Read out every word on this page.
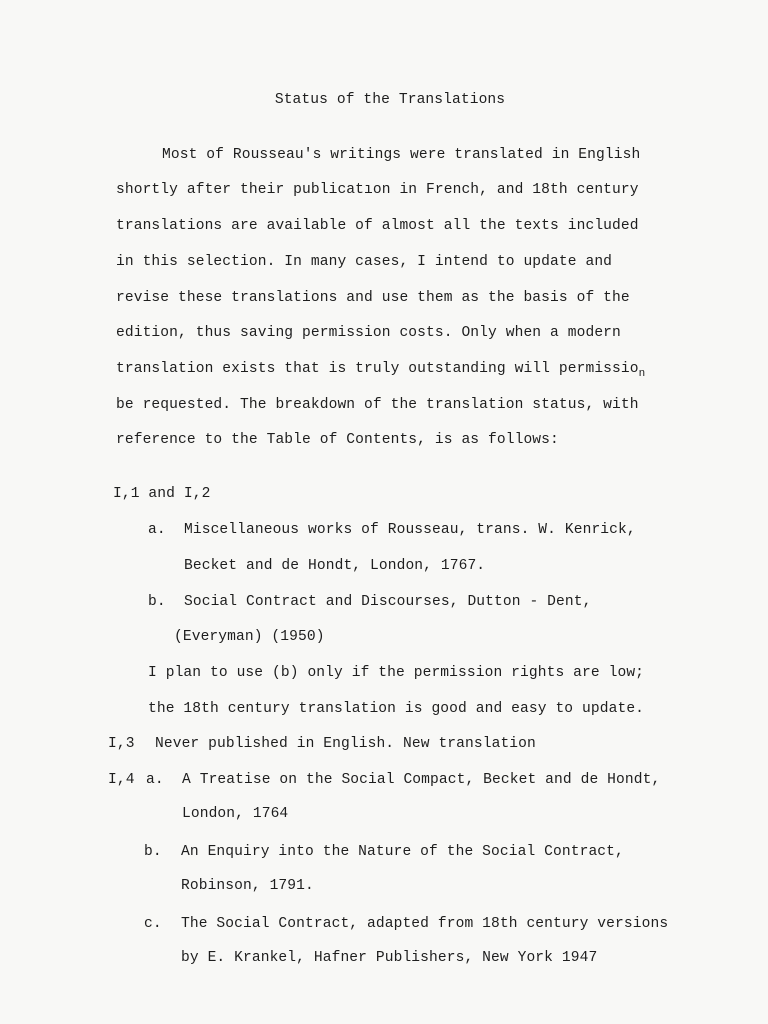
Status of the Translations
Most of Rousseau's writings were translated in English
shortly after their publicatıon in French, and 18th century
translations are available of almost all the texts included
in this selection. In many cases, I intend to update and
revise these translations and use them as the basis of the
edition, thus saving permission costs. Only when a modern
translation exists that is truly outstanding will permissio$_n$
be requested. The breakdown of the translation status, with
reference to the Table of Contents, is as follows:
I,1 and I,2
a. Miscellaneous works of Rousseau, trans. W. Kenrick,
Becket and de Hondt, London, 1767.
b. Social Contract and Discourses, Dutton - Dent,
(Everyman) (1950)
I plan to use (b) only if the permission rights are low;
the 18th century translation is good and easy to update.
I,3 Never published in English. New translation
I,4 a. A Treatise on the Social Compact, Becket and de Hondt,
London, 1764
b. An Enquiry into the Nature of the Social Contract,
Robinson, 1791.
c. The Social Contract, adapted from 18th century versions
by E. Krankel, Hafner Publishers, New York 1947
